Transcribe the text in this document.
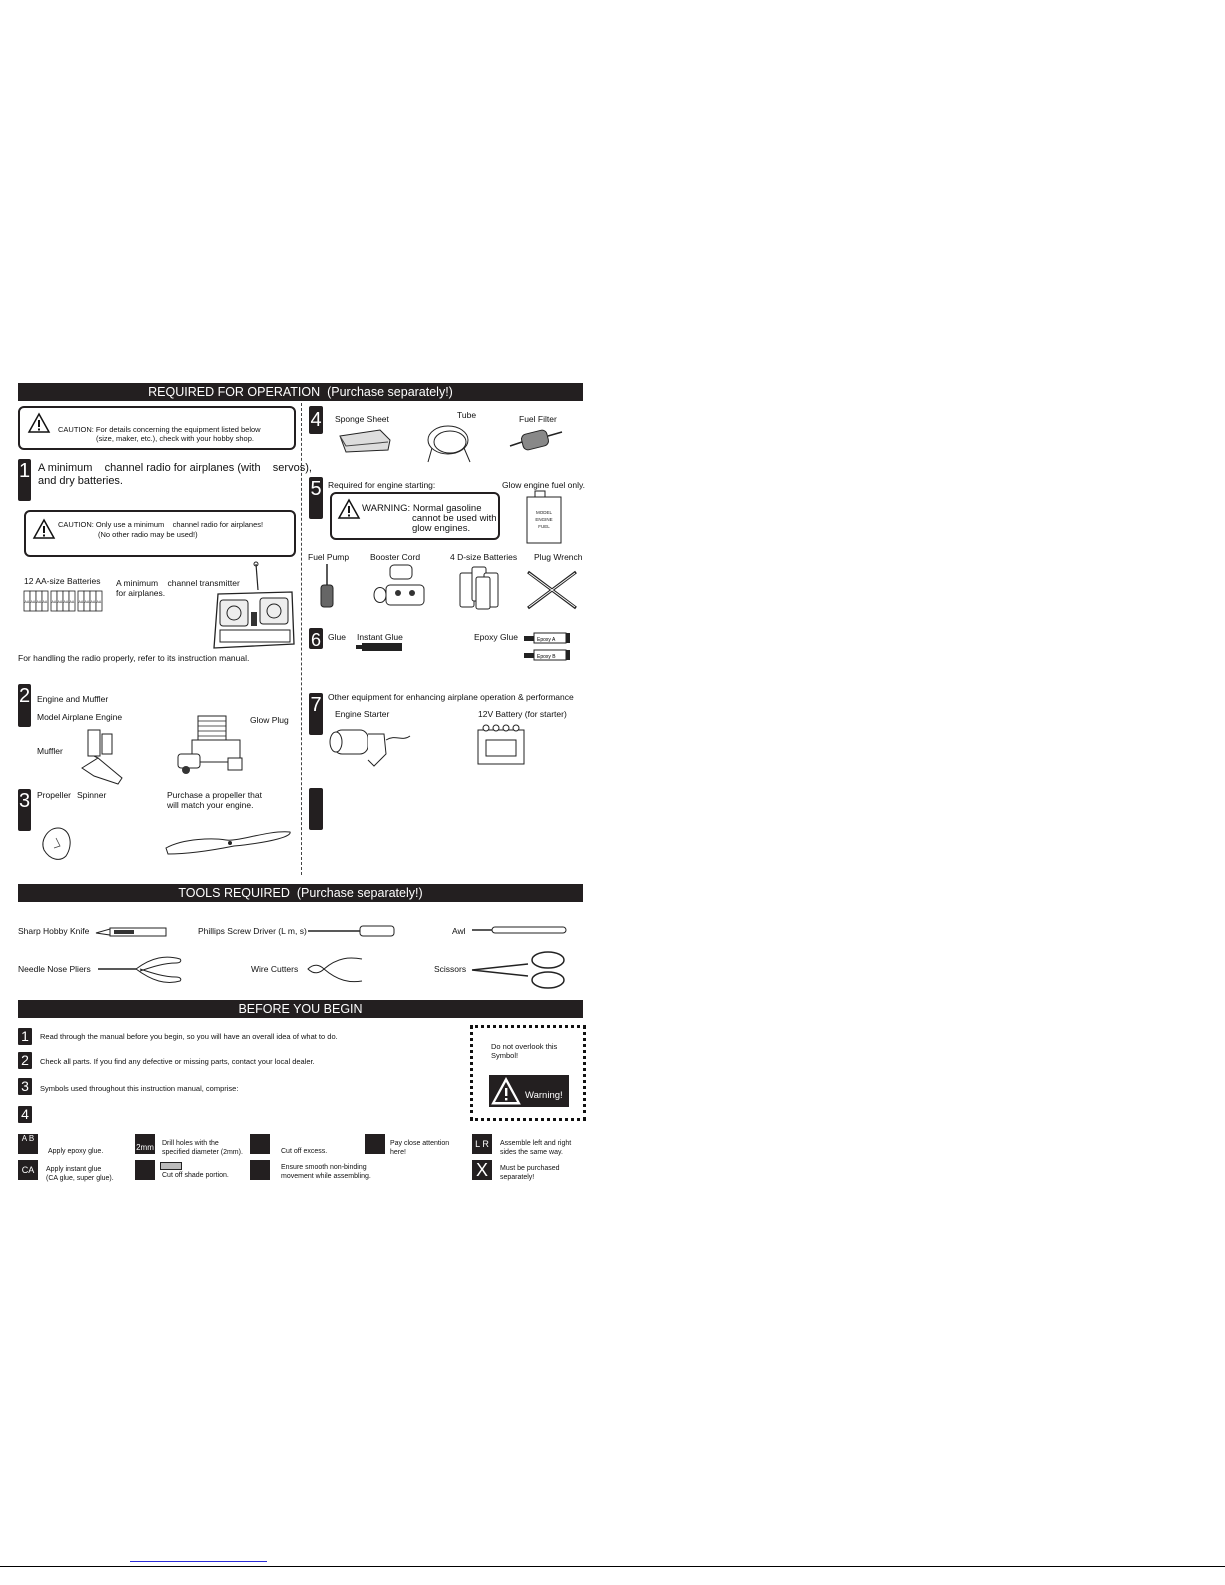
REQUIRED FOR OPERATION (Purchase separately!)
CAUTION: For details concerning the equipment listed below
(size, maker, etc.), check with your hobby shop.
1 A minimum channel radio for airplanes (with servos),
and dry batteries.
CAUTION: Only use a minimum channel radio for airplanes!
(No other radio may be used!)
12 AA-size Batteries
AA AA AA AA AA AA AA AA AA AA AA AA
A minimum channel transmitter
for airplanes.
For handling the radio properly, refer to its instruction manual.
2 Engine and Muffler
Model Airplane Engine	Glow Plug
Muffler
3 Propeller Spinner	Purchase a propeller that
will match your engine.
4 Sponge Sheet	Tube	Fuel Filter
5 Required for engine starting:	Glow engine fuel only.
WARNING: Normal gasoline
cannot be used with
glow engines.
MODEL
ENGINE
FUEL
Fuel Pump Booster Cord	4 D-size Batteries Plug Wrench
6 Glue Instant Glue	Epoxy Glue	Epoxy A
Epoxy B
7 Other equipment for enhancing airplane operation & performance
Engine Starter	12V Battery (for starter)
TOOLS REQUIRED (Purchase separately!)
Sharp Hobby Knife	Phillips Screw Driver (L m, s)	Awl
Needle Nose Pliers	Wire Cutters	Scissors
BEFORE YOU BEGIN
1	Read through the manual before you begin, so you will have an overall idea of what to do.
2	Check all parts. If you find any defective or missing parts, contact your local dealer.
3	Symbols used throughout this instruction manual, comprise:
4
Do not overlook this
Symbol!
Warning!
A B
Apply epoxy glue.
CA	Apply instant glue
(CA glue, super glue).
2mm Drill holes with the
specified diameter (2mm).
Cut off shade portion.
Cut off excess.
Ensure smooth non-binding
movement while assembling.
Pay close attention
here!
L R	Assemble left and right
sides the same way.
X	Must be purchased
separately!
